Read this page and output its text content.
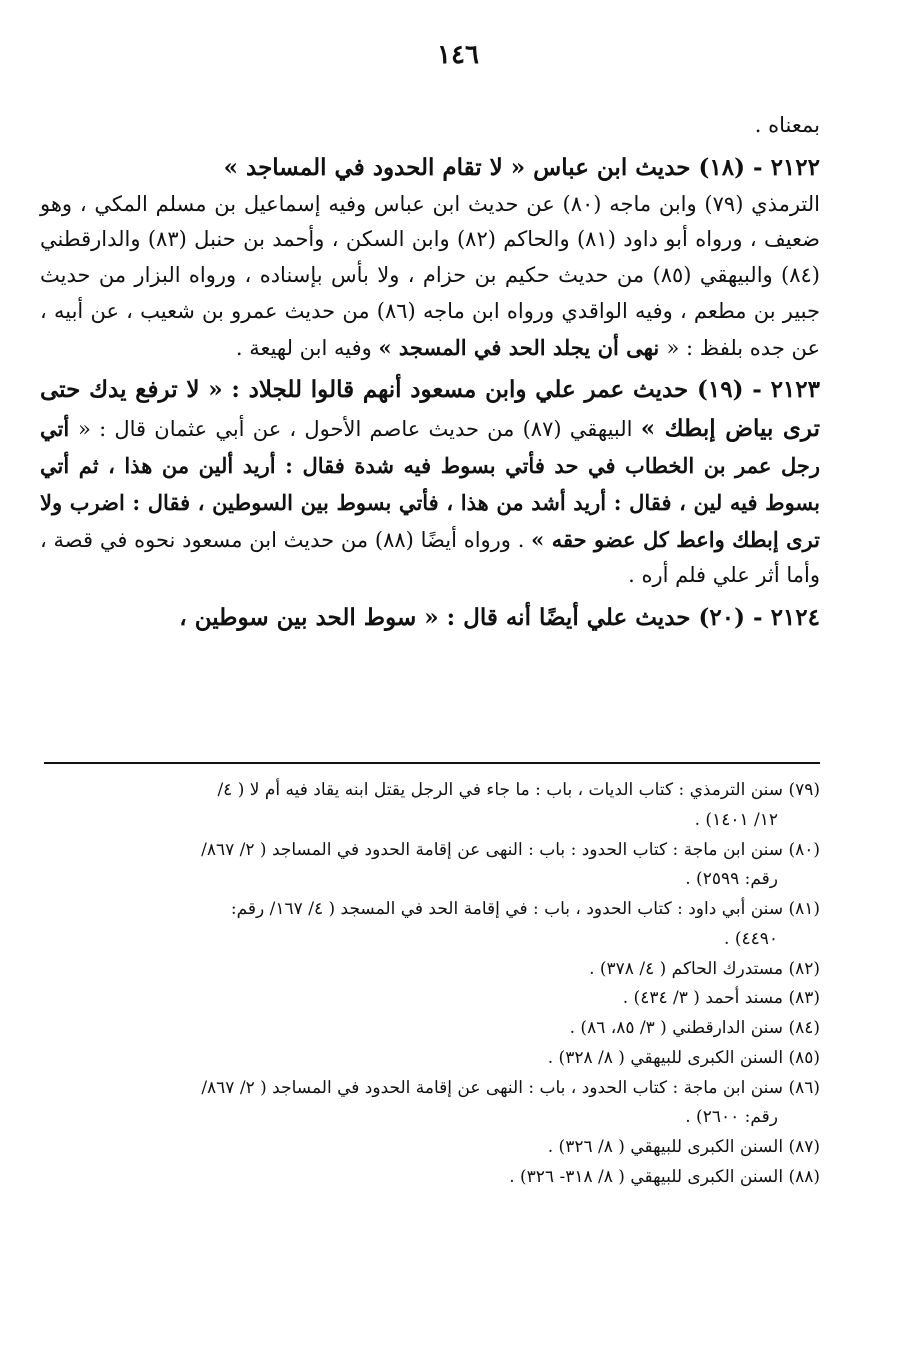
١٤٦

بمعناه .

٢١٢٢ - (١٨) حديث ابن عباس « لا تقام الحدود في المساجد »
الترمذي (٧٩) وابن ماجه (٨٠) عن حديث ابن عباس وفيه إسماعيل بن مسلم المكي ، وهو ضعيف ، ورواه أبو داود (٨١) والحاكم (٨٢) وابن السكن ، وأحمد بن حنبل (٨٣) والدارقطني (٨٤) والبيهقي (٨٥) من حديث حكيم بن حزام ، ولا بأس بإسناده ، ورواه البزار من حديث جبير بن مطعم ، وفيه الواقدي ورواه ابن ماجه (٨٦) من حديث عمرو بن شعيب ، عن أبيه ، عن جده بلفظ : « نهى أن يجلد الحد في المسجد » وفيه ابن لهيعة .

٢١٢٣ - (١٩) حديث عمر علي وابن مسعود أنهم قالوا للجلاد : « لا ترفع يدك حتى ترى بياض إبطك » البيهقي (٨٧) من حديث عاصم الأحول ، عن أبي عثمان قال : « أتي رجل عمر بن الخطاب في حد فأتي بسوط فيه شدة فقال : أريد ألين من هذا ، ثم أتي بسوط فيه لين ، فقال : أريد أشد من هذا ، فأتي بسوط بين السوطين ، فقال : اضرب ولا ترى إبطك واعط كل عضو حقه » . ورواه أيضًا (٨٨) من حديث ابن مسعود نحوه في قصة ، وأما أثر علي فلم أره .

٢١٢٤ - (٢٠) حديث علي أيضًا أنه قال : « سوط الحد بين سوطين ،

(٧٩) سنن الترمذي : كتاب الديات ، باب : ما جاء في الرجل يقتل ابنه يقاد فيه أم لا ( ٤/
١٢/ ١٤٠١) .
(٨٠) سنن ابن ماجة : كتاب الحدود : باب : النهى عن إقامة الحدود في المساجد ( ٢/ ٨٦٧/
رقم: ٢٥٩٩) .
(٨١) سنن أبي داود : كتاب الحدود ، باب : في إقامة الحد في المسجد ( ٤/ ١٦٧/ رقم:
٤٤٩٠) .
(٨٢) مستدرك الحاكم ( ٤/ ٣٧٨) .
(٨٣) مسند أحمد ( ٣/ ٤٣٤) .
(٨٤) سنن الدارقطني ( ٣/ ٨٥، ٨٦) .
(٨٥) السنن الكبرى للبيهقي ( ٨/ ٣٢٨) .
(٨٦) سنن ابن ماجة : كتاب الحدود ، باب : النهى عن إقامة الحدود في المساجد ( ٢/ ٨٦٧/
رقم: ٢٦٠٠) .
(٨٧) السنن الكبرى للبيهقي ( ٨/ ٣٢٦) .
(٨٨) السنن الكبرى للبيهقي ( ٨/ ٣١٨- ٣٢٦) .
